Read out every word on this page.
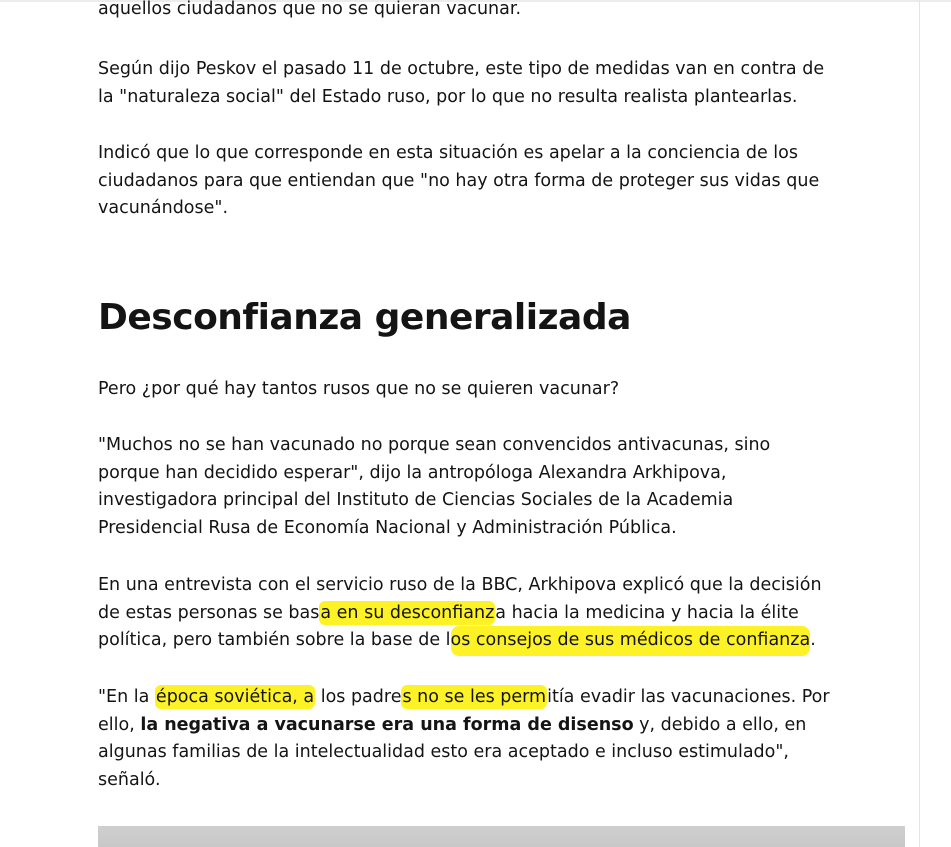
aquellos ciudadanos que no se quieran vacunar.

Según dijo Peskov el pasado 11 de octubre, este tipo de medidas van en contra de
la "naturaleza social" del Estado ruso, por lo que no resulta realista plantearlas.

Indicó que lo que corresponde en esta situación es apelar a la conciencia de los
ciudadanos para que entiendan que "no hay otra forma de proteger sus vidas que
vacunándose".

Desconfianza generalizada

Pero ¿por qué hay tantos rusos que no se quieren vacunar?

"Muchos no se han vacunado no porque sean convencidos antivacunas, sino
porque han decidido esperar", dijo la antropóloga Alexandra Arkhipova,
investigadora principal del Instituto de Ciencias Sociales de la Academia
Presidencial Rusa de Economía Nacional y Administración Pública.

En una entrevista con el servicio ruso de la BBC, Arkhipova explicó que la decisión
de estas personas se basa en su desconfianza hacia la medicina y hacia la élite
política, pero también sobre la base de los consejos de sus médicos de confianza.

"En la época soviética, a los padres no se les permitía evadir las vacunaciones. Por
ello, la negativa a vacunarse era una forma de disenso y, debido a ello, en
algunas familias de la intelectualidad esto era aceptado e incluso estimulado",
señaló.
